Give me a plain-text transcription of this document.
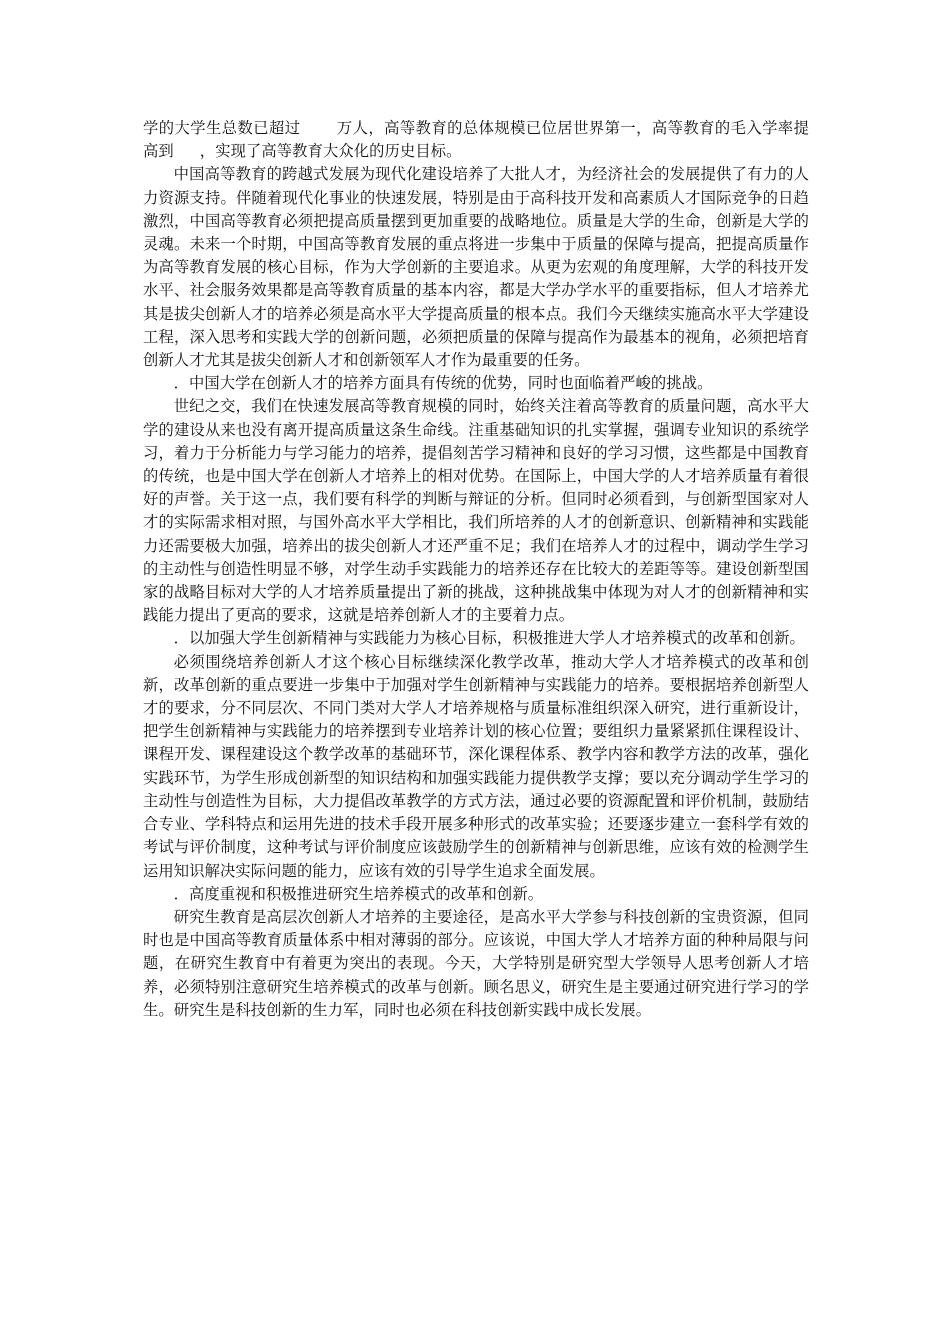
学的大学生总数已超过 万人，高等教育的总体规模已位居世界第一，高等教育的毛入学率提高到 ，实现了高等教育大众化的历史目标。

中国高等教育的跨越式发展为现代化建设培养了大批人才，为经济社会的发展提供了有力的人力资源支持。伴随着现代化事业的快速发展，特别是由于高科技开发和高素质人才国际竞争的日趋激烈，中国高等教育必须把提高质量摆到更加重要的战略地位。质量是大学的生命，创新是大学的灵魂。未来一个时期，中国高等教育发展的重点将进一步集中于质量的保障与提高，把提高质量作为高等教育发展的核心目标，作为大学创新的主要追求。从更为宏观的角度理解，大学的科技开发水平、社会服务效果都是高等教育质量的基本内容，都是大学办学水平的重要指标，但人才培养尤其是拔尖创新人才的培养必须是高水平大学提高质量的根本点。我们今天继续实施高水平大学建设工程，深入思考和实践大学的创新问题，必须把质量的保障与提高作为最基本的视角，必须把培育创新人才尤其是拔尖创新人才和创新领军人才作为最重要的任务。

．中国大学在创新人才的培养方面具有传统的优势，同时也面临着严峻的挑战。

世纪之交，我们在快速发展高等教育规模的同时，始终关注着高等教育的质量问题，高水平大学的建设从来也没有离开提高质量这条生命线。注重基础知识的扎实掌握，强调专业知识的系统学习，着力于分析能力与学习能力的培养，提倡刻苦学习精神和良好的学习习惯，这些都是中国教育的传统，也是中国大学在创新人才培养上的相对优势。在国际上，中国大学的人才培养质量有着很好的声誉。关于这一点，我们要有科学的判断与辩证的分析。但同时必须看到，与创新型国家对人才的实际需求相对照，与国外高水平大学相比，我们所培养的人才的创新意识、创新精神和实践能力还需要极大加强，培养出的拔尖创新人才还严重不足；我们在培养人才的过程中，调动学生学习的主动性与创造性明显不够，对学生动手实践能力的培养还存在比较大的差距等等。建设创新型国家的战略目标对大学的人才培养质量提出了新的挑战，这种挑战集中体现为对人才的创新精神和实践能力提出了更高的要求，这就是培养创新人才的主要着力点。

．以加强大学生创新精神与实践能力为核心目标，积极推进大学人才培养模式的改革和创新。

必须围绕培养创新人才这个核心目标继续深化教学改革，推动大学人才培养模式的改革和创新，改革创新的重点要进一步集中于加强对学生创新精神与实践能力的培养。要根据培养创新型人才的要求，分不同层次、不同门类对大学人才培养规格与质量标准组织深入研究，进行重新设计，把学生创新精神与实践能力的培养摆到专业培养计划的核心位置；要组织力量紧紧抓住课程设计、课程开发、课程建设这个教学改革的基础环节，深化课程体系、教学内容和教学方法的改革，强化实践环节，为学生形成创新型的知识结构和加强实践能力提供教学支撑；要以充分调动学生学习的主动性与创造性为目标，大力提倡改革教学的方式方法，通过必要的资源配置和评价机制，鼓励结合专业、学科特点和运用先进的技术手段开展多种形式的改革实验；还要逐步建立一套科学有效的考试与评价制度，这种考试与评价制度应该鼓励学生的创新精神与创新思维，应该有效的检测学生运用知识解决实际问题的能力，应该有效的引导学生追求全面发展。

．高度重视和积极推进研究生培养模式的改革和创新。

研究生教育是高层次创新人才培养的主要途径，是高水平大学参与科技创新的宝贵资源，但同时也是中国高等教育质量体系中相对薄弱的部分。应该说，中国大学人才培养方面的种种局限与问题，在研究生教育中有着更为突出的表现。今天，大学特别是研究型大学领导人思考创新人才培养，必须特别注意研究生培养模式的改革与创新。顾名思义，研究生是主要通过研究进行学习的学生。研究生是科技创新的生力军，同时也必须在科技创新实践中成长发展。
